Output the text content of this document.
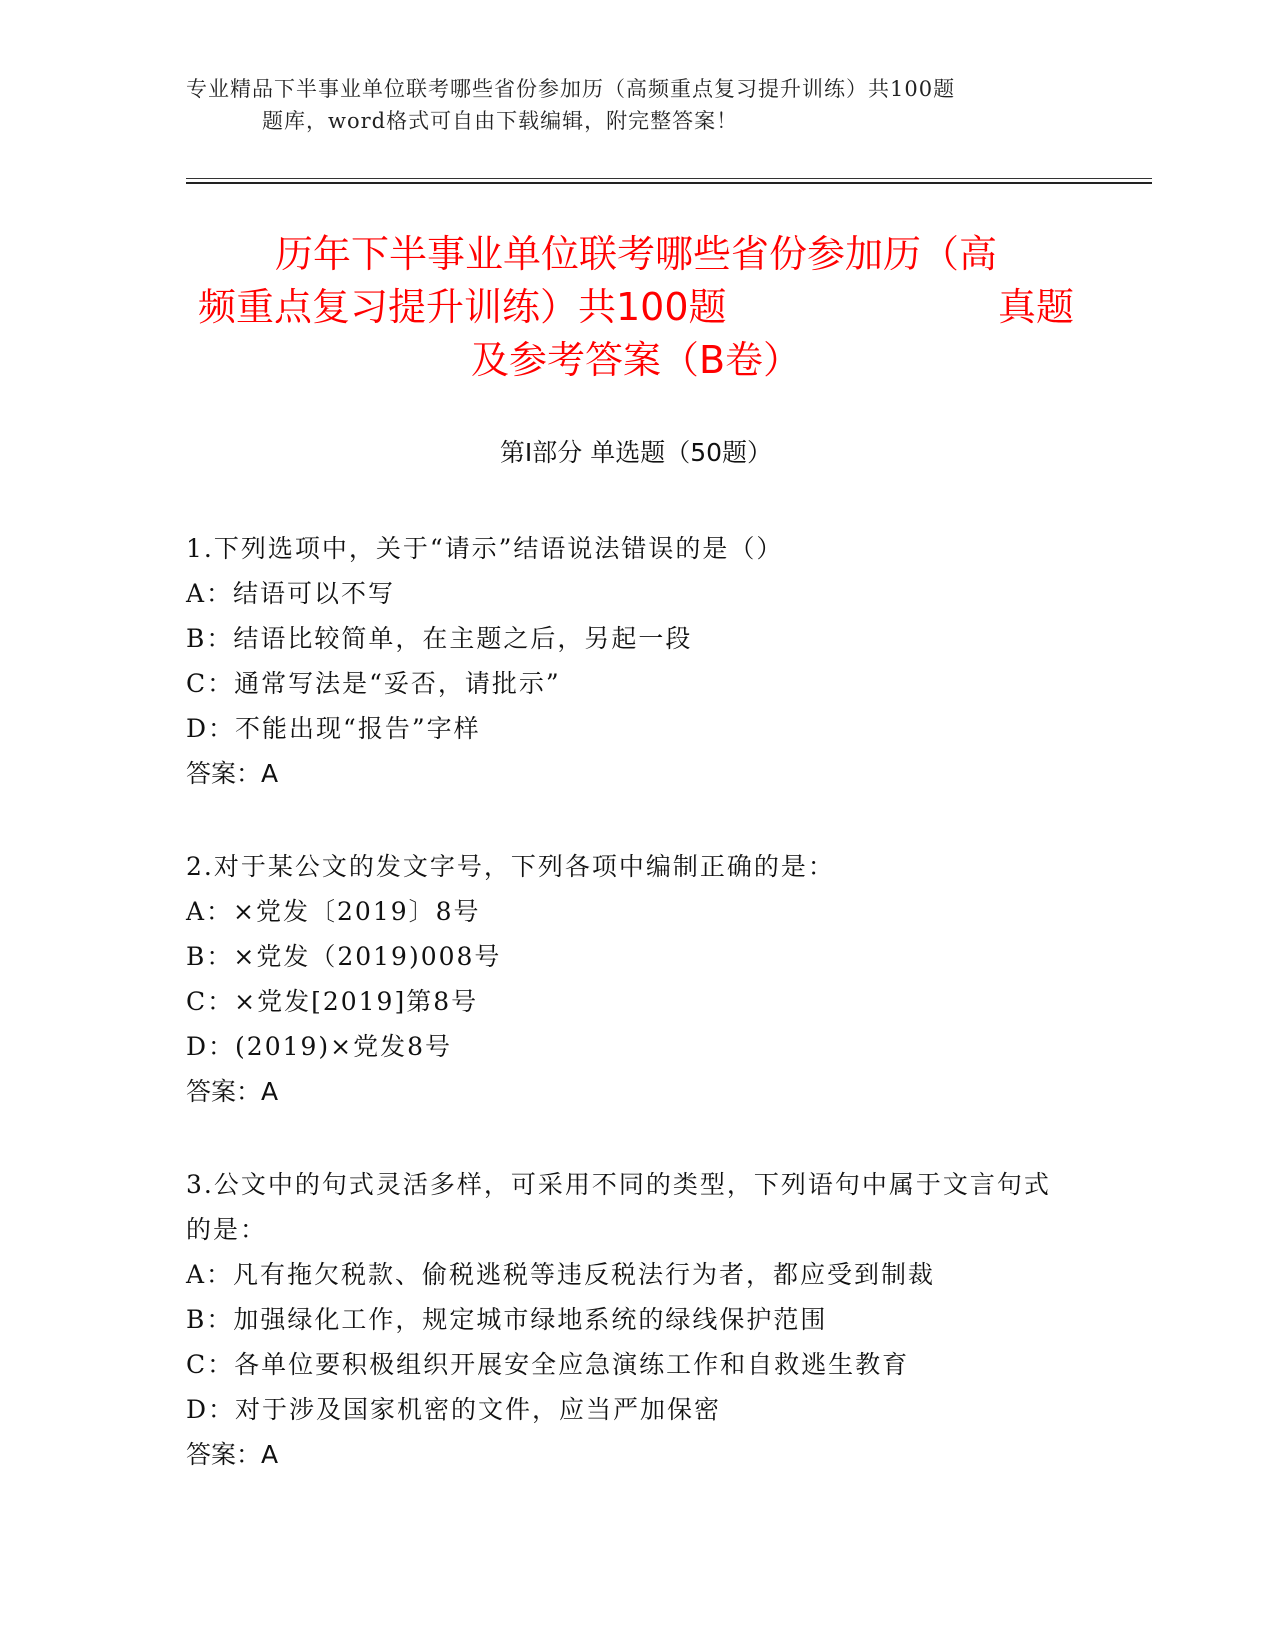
专业精品下半事业单位联考哪些省份参加历（高频重点复习提升训练）共100题
题库，word格式可自由下载编辑，附完整答案！
历年下半事业单位联考哪些省份参加历（高
频重点复习提升训练）共100题	真题
及参考答案（B卷）
第Ⅰ部分 单选题（50题）
1.下列选项中，关于“请示”结语说法错误的是（）
A：结语可以不写
B：结语比较简单，在主题之后，另起一段
C：通常写法是“妥否，请批示”
D：不能出现“报告”字样
答案：A
2.对于某公文的发文字号，下列各项中编制正确的是：
A：×党发〔2019〕8号
B：×党发（2019)008号
C：×党发[2019]第8号
D：(2019)×党发8号
答案：A
3.公文中的句式灵活多样，可采用不同的类型，下列语句中属于文言句式的是：
A：凡有拖欠税款、偷税逃税等违反税法行为者，都应受到制裁
B：加强绿化工作，规定城市绿地系统的绿线保护范围
C：各单位要积极组织开展安全应急演练工作和自救逃生教育
D：对于涉及国家机密的文件，应当严加保密
答案：A
